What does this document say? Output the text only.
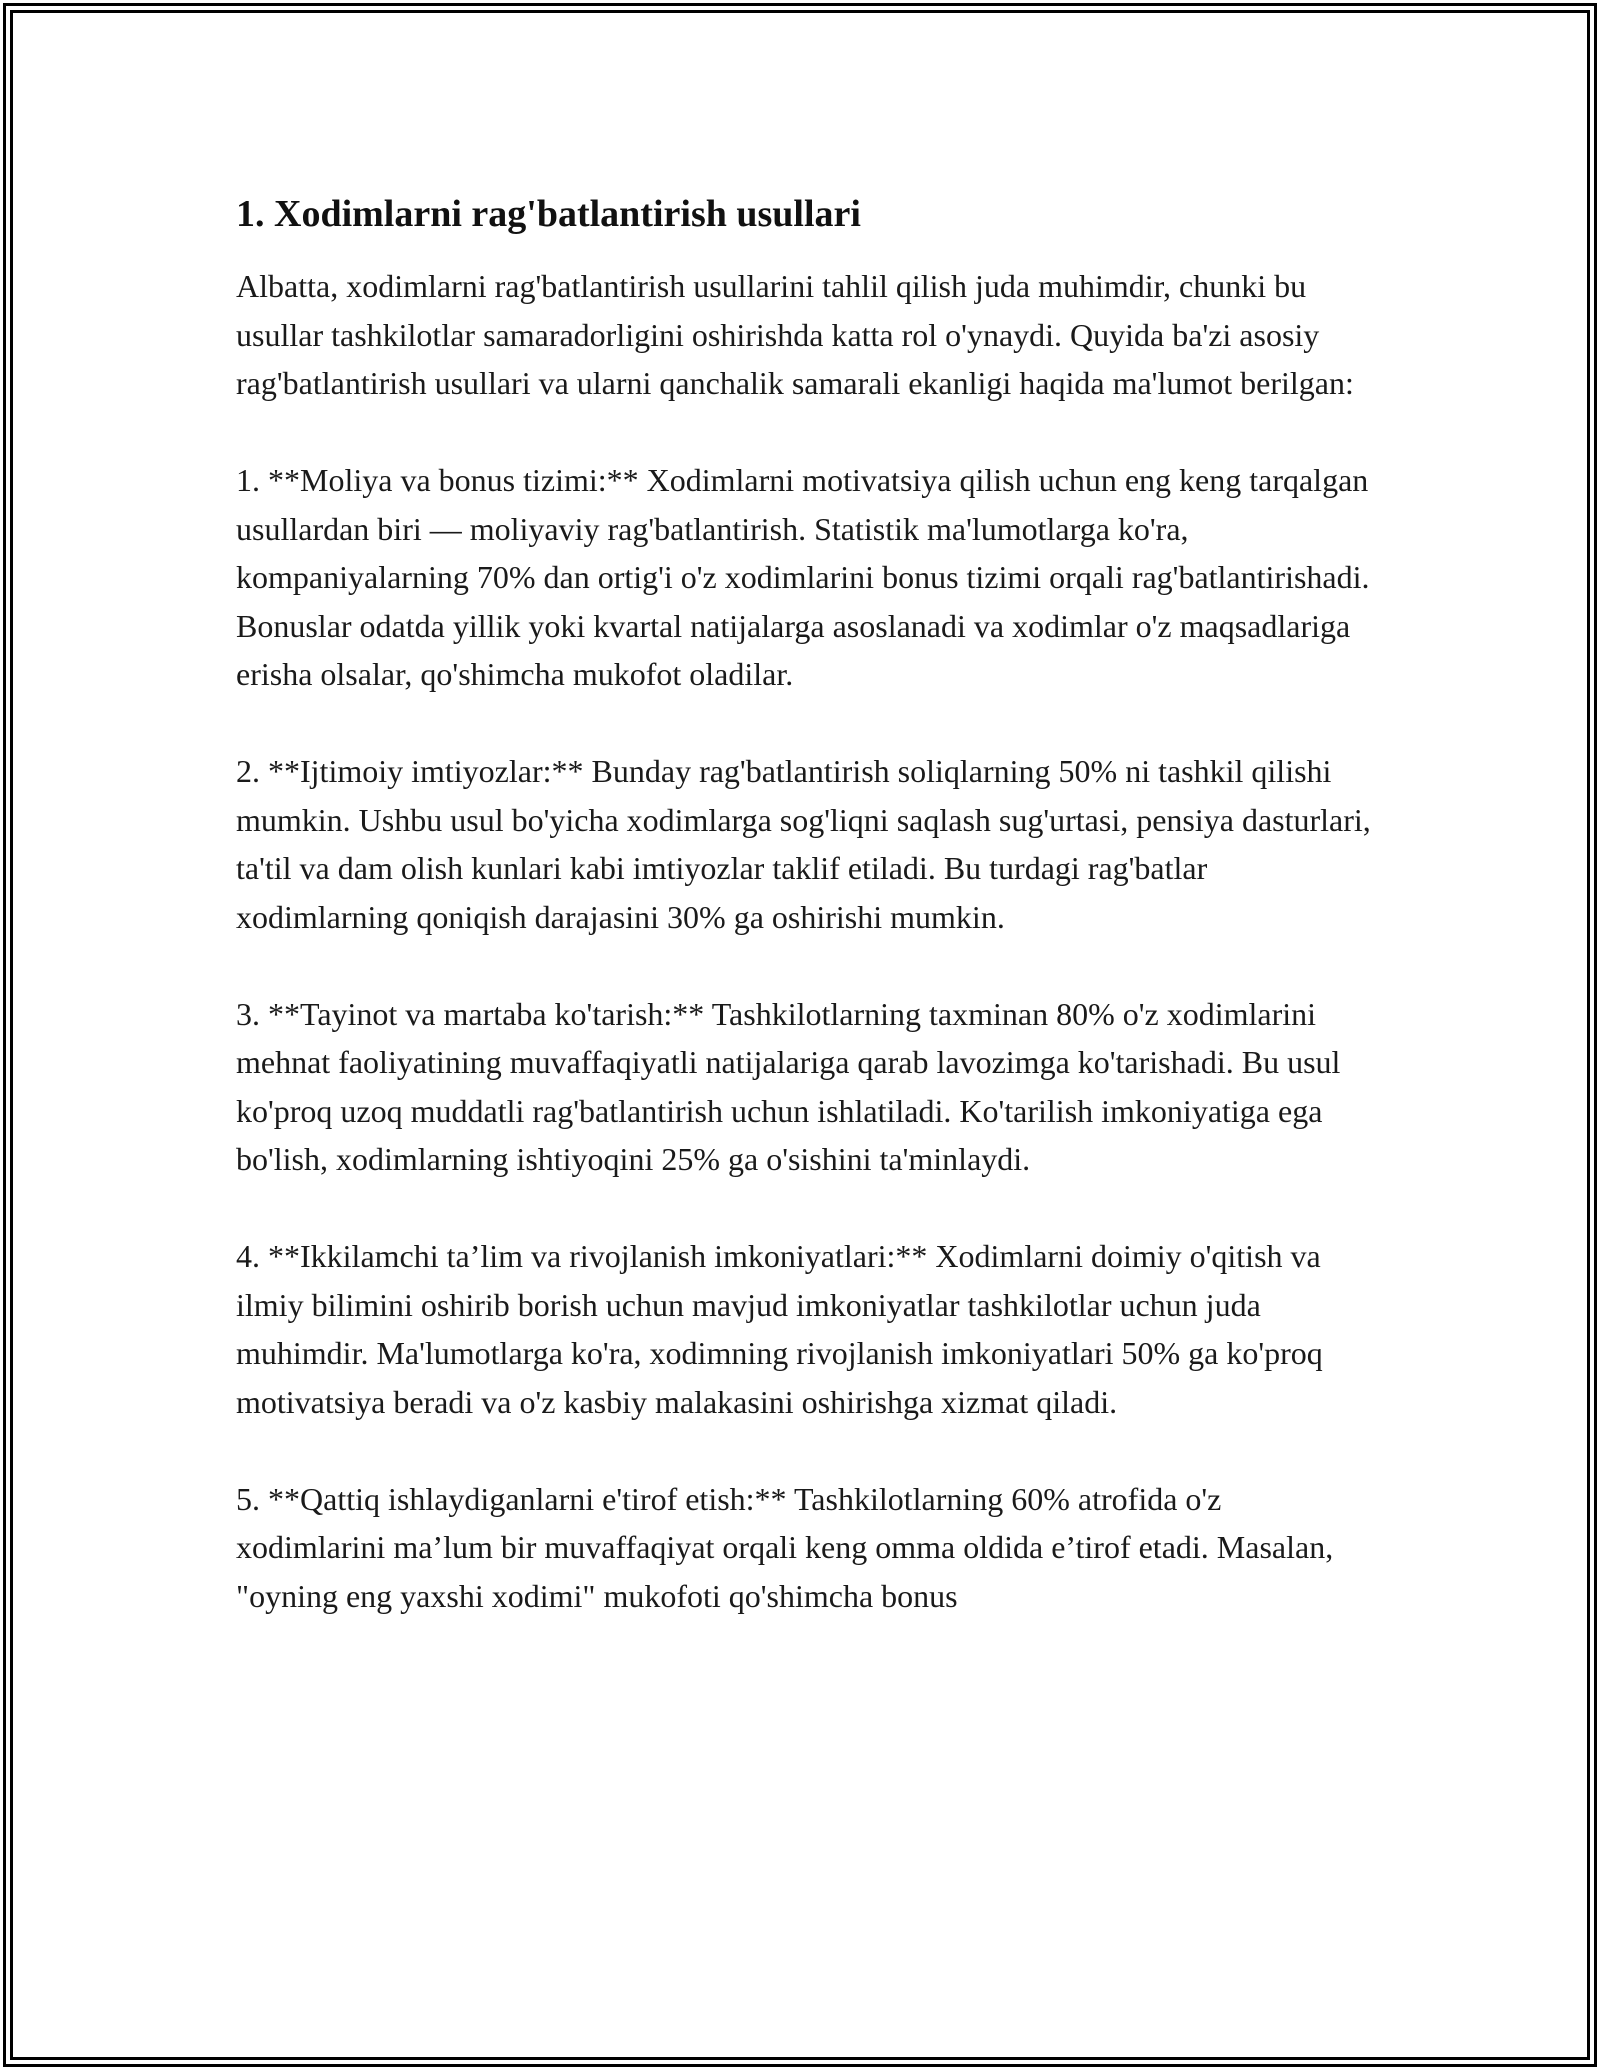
1. Xodimlarni rag'batlantirish usullari

Albatta, xodimlarni rag'batlantirish usullarini tahlil qilish juda muhimdir, chunki bu usullar tashkilotlar samaradorligini oshirishda katta rol o'ynaydi. Quyida ba'zi asosiy rag'batlantirish usullari va ularni qanchalik samarali ekanligi haqida ma'lumot berilgan:

1. **Moliya va bonus tizimi:** Xodimlarni motivatsiya qilish uchun eng keng tarqalgan usullardan biri — moliyaviy rag'batlantirish. Statistik ma'lumotlarga ko'ra, kompaniyalarning 70% dan ortig'i o'z xodimlarini bonus tizimi orqali rag'batlantirishadi. Bonuslar odatda yillik yoki kvartal natijalarga asoslanadi va xodimlar o'z maqsadlariga erisha olsalar, qo'shimcha mukofot oladilar.

2. **Ijtimoiy imtiyozlar:** Bunday rag'batlantirish soliqlarning 50% ni tashkil qilishi mumkin. Ushbu usul bo'yicha xodimlarga sog'liqni saqlash sug'urtasi, pensiya dasturlari, ta'til va dam olish kunlari kabi imtiyozlar taklif etiladi. Bu turdagi rag'batlar xodimlarning qoniqish darajasini 30% ga oshirishi mumkin.

3. **Tayinot va martaba ko'tarish:** Tashkilotlarning taxminan 80% o'z xodimlarini mehnat faoliyatining muvaffaqiyatli natijalariga qarab lavozimga ko'tarishadi. Bu usul ko'proq uzoq muddatli rag'batlantirish uchun ishlatiladi. Ko'tarilish imkoniyatiga ega bo'lish, xodimlarning ishtiyoqini 25% ga o'sishini ta'minlaydi.

4. **Ikkilamchi ta’lim va rivojlanish imkoniyatlari:** Xodimlarni doimiy o'qitish va ilmiy bilimini oshirib borish uchun mavjud imkoniyatlar tashkilotlar uchun juda muhimdir. Ma'lumotlarga ko'ra, xodimning rivojlanish imkoniyatlari 50% ga ko'proq motivatsiya beradi va o'z kasbiy malakasini oshirishga xizmat qiladi.

5. **Qattiq ishlaydiganlarni e'tirof etish:** Tashkilotlarning 60% atrofida o'z xodimlarini ma’lum bir muvaffaqiyat orqali keng omma oldida e’tirof etadi. Masalan, "oyning eng yaxshi xodimi" mukofoti qo'shimcha bonus
